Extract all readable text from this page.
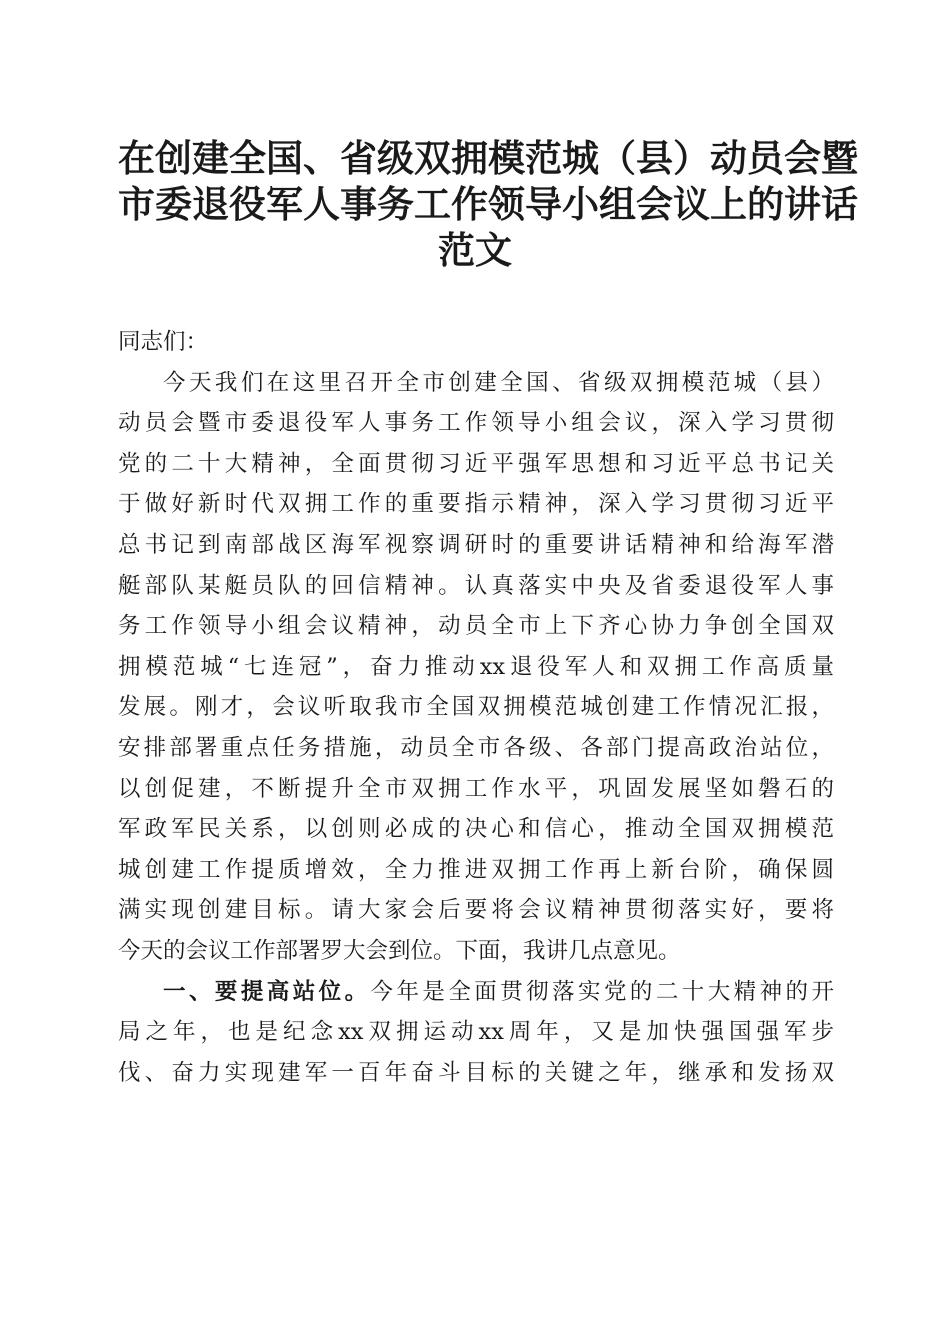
在创建全国、省级双拥模范城（县）动员会暨
市委退役军人事务工作领导小组会议上的讲话
范文
同志们：
今天我们在这里召开全市创建全国、省级双拥模范城（县）
动员会暨市委退役军人事务工作领导小组会议，深入学习贯彻
党的二十大精神，全面贯彻习近平强军思想和习近平总书记关
于做好新时代双拥工作的重要指示精神，深入学习贯彻习近平
总书记到南部战区海军视察调研时的重要讲话精神和给海军潜
艇部队某艇员队的回信精神。认真落实中央及省委退役军人事
务工作领导小组会议精神，动员全市上下齐心协力争创全国双
拥模范城“七连冠”，奋力推动xx退役军人和双拥工作高质量
发展。刚才，会议听取我市全国双拥模范城创建工作情况汇报，
安排部署重点任务措施，动员全市各级、各部门提高政治站位，
以创促建，不断提升全市双拥工作水平，巩固发展坚如磐石的
军政军民关系，以创则必成的决心和信心，推动全国双拥模范
城创建工作提质增效，全力推进双拥工作再上新台阶，确保圆
满实现创建目标。请大家会后要将会议精神贯彻落实好，要将
今天的会议工作部署罗大会到位。下面，我讲几点意见。
一、要提高站位。今年是全面贯彻落实党的二十大精神的开
局之年，也是纪念xx双拥运动xx周年，又是加快强国强军步
伐、奋力实现建军一百年奋斗目标的关键之年，继承和发扬双
